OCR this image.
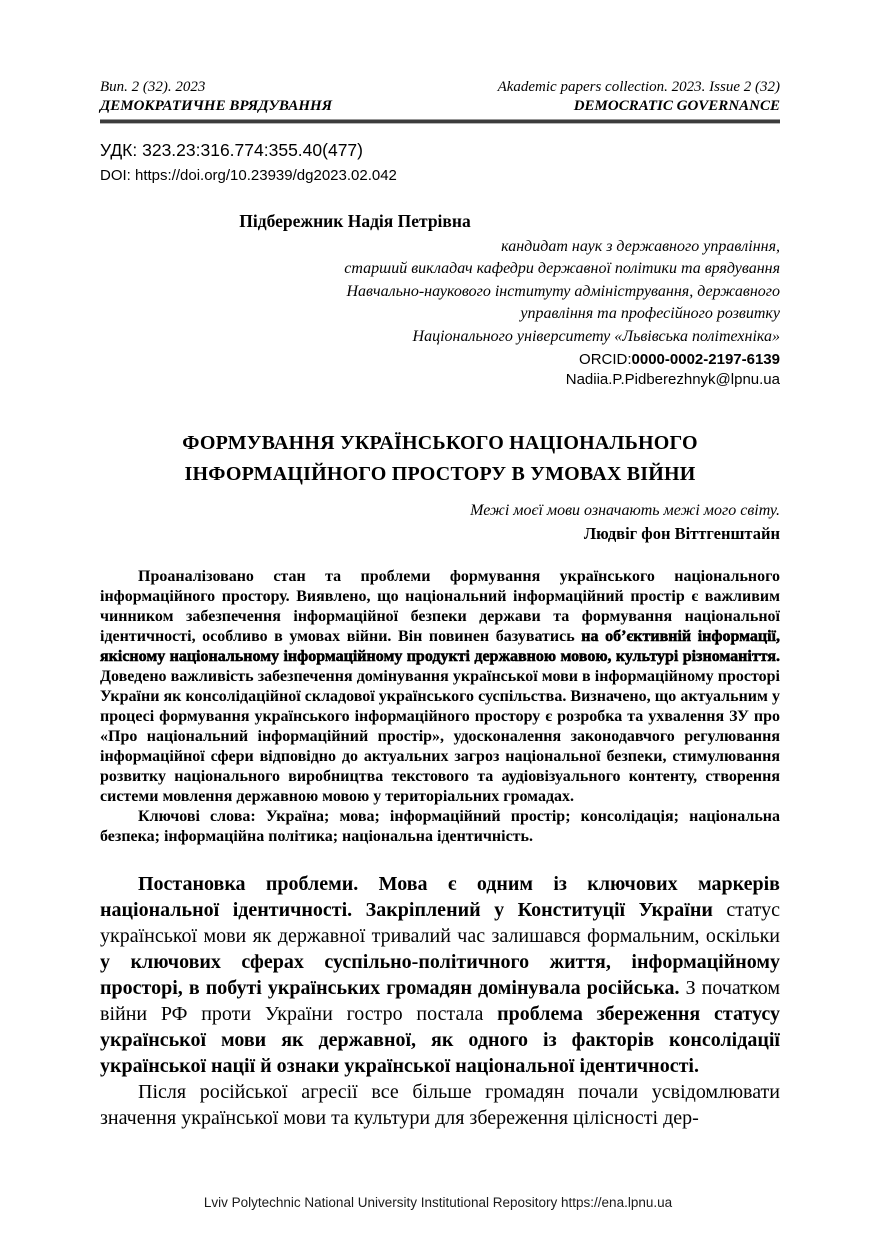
Вип. 2 (32). 2023
ДЕМОКРАТИЧНЕ ВРЯДУВАННЯ
Akademic papers collection. 2023. Issue 2 (32)
DEMOCRATIC GOVERNANCE
УДК: 323.23:316.774:355.40(477)
DOI: https://doi.org/10.23939/dg2023.02.042
Підбережник Надія Петрівна
кандидат наук з державного управління,
старший викладач кафедри державної політики та врядування
Навчально-наукового інституту адміністрування, державного
управління та професійного розвитку
Національного університету «Львівська політехніка»
ORCID:0000-0002-2197-6139
Nadiia.P.Pidberezhnyk@lpnu.ua
ФОРМУВАННЯ УКРАЇНСЬКОГО НАЦІОНАЛЬНОГО
ІНФОРМАЦІЙНОГО ПРОСТОРУ В УМОВАХ ВІЙНИ
Межі моєї мови означають межі мого світу.
Людвіг фон Віттгенштайн

Проаналізовано стан та проблеми формування українського національного інформаційного простору. Виявлено, що національний інформаційний простір є важливим чинником забезпечення інформаційної безпеки держави та формування національної ідентичності, особливо в умовах війни. Він повинен базуватись на об’єктивній інформації, якісному національному інформаційному продукті державною мовою, культурі різноманіття. Доведено важливість забезпечення домінування української мови в інформаційному просторі України як консолідаційної складової українського суспільства. Визначено, що актуальним у процесі формування українського інформаційного простору є розробка та ухвалення ЗУ про «Про національний інформаційний простір», удосконалення законодавчого регулювання інформаційної сфери відповідно до актуальних загроз національної безпеки, стимулювання розвитку національного виробництва текстового та аудіовізуального контенту, створення системи мовлення державною мовою у територіальних громадах.

Ключові слова: Україна; мова; інформаційний простір; консолідація; національна безпека; інформаційна політика; національна ідентичність.

Постановка проблеми. Мова є одним із ключових маркерів національної ідентичності. Закріплений у Конституції України статус української мови як державної тривалий час залишався формальним, оскільки у ключових сферах суспільно-політичного життя, інформаційному просторі, в побуті українських громадян домінувала російська. З початком війни РФ проти України гостро постала проблема збереження статусу української мови як державної, як одного із факторів консолідації української нації й ознаки української національної ідентичності.

Після російської агресії все більше громадян почали усвідомлювати значення української мови та культури для збереження цілісності дер-

Lviv Polytechnic National University Institutional Repository https://ena.lpnu.ua
